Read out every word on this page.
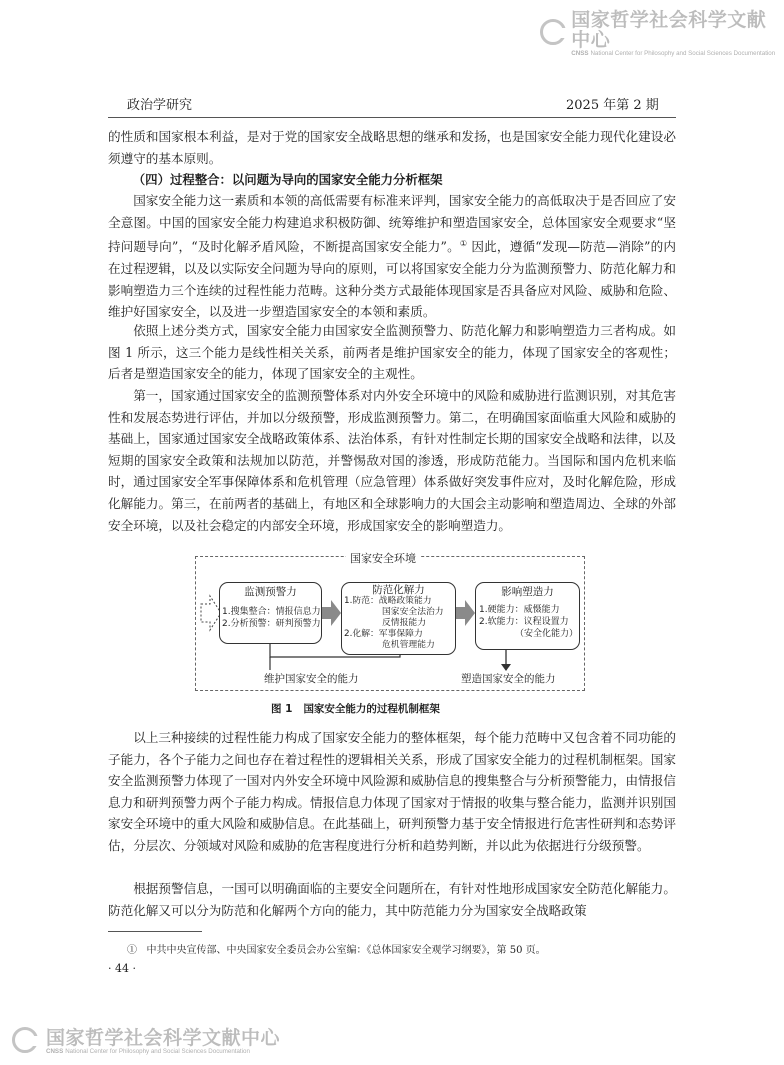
国家哲学社会科学文献中心
CNSS National Center for Philosophy and Social Sciences Documentation
政治学研究	2025 年第 2 期
的性质和国家根本利益，是对于党的国家安全战略思想的继承和发扬，也是国家安全能力现代化建设必须遵守的基本原则。
（四）过程整合：以问题为导向的国家安全能力分析框架
国家安全能力这一素质和本领的高低需要有标准来评判，国家安全能力的高低取决于是否回应了安全意图。中国的国家安全能力构建追求积极防御、统筹维护和塑造国家安全，总体国家安全观要求“坚持问题导向”，“及时化解矛盾风险，不断提高国家安全能力”。① 因此，遵循“发现—防范—消除”的内在过程逻辑，以及以实际安全问题为导向的原则，可以将国家安全能力分为监测预警力、防范化解力和影响塑造力三个连续的过程性能力范畴。这种分类方式最能体现国家是否具备应对风险、威胁和危险、维护好国家安全，以及进一步塑造国家安全的本领和素质。
依照上述分类方式，国家安全能力由国家安全监测预警力、防范化解力和影响塑造力三者构成。如图 1 所示，这三个能力是线性相关关系，前两者是维护国家安全的能力，体现了国家安全的客观性；后者是塑造国家安全的能力，体现了国家安全的主观性。
第一，国家通过国家安全的监测预警体系对内外安全环境中的风险和威胁进行监测识别，对其危害性和发展态势进行评估，并加以分级预警，形成监测预警力。第二，在明确国家面临重大风险和威胁的基础上，国家通过国家安全战略政策体系、法治体系，有针对性制定长期的国家安全战略和法律，以及短期的国家安全政策和法规加以防范，并警惕敌对国的渗透，形成防范能力。当国际和国内危机来临时，通过国家安全军事保障体系和危机管理（应急管理）体系做好突发事件应对，及时化解危险，形成化解能力。第三，在前两者的基础上，有地区和全球影响力的大国会主动影响和塑造周边、全球的外部安全环境，以及社会稳定的内部安全环境，形成国家安全的影响塑造力。
国家安全环境
监测预警力
1.搜集整合：情报信息力
2.分析预警：研判预警力
防范化解力
1.防范：战略政策能力
国家安全法治力
反情报能力
2.化解：军事保障力
危机管理能力
影响塑造力
1.硬能力：威慑能力
2.软能力：议程设置力
（安全化能力）
维护国家安全的能力	塑造国家安全的能力
图 1 国家安全能力的过程机制框架
以上三种接续的过程性能力构成了国家安全能力的整体框架，每个能力范畴中又包含着不同功能的子能力，各个子能力之间也存在着过程性的逻辑相关关系，形成了国家安全能力的过程机制框架。国家安全监测预警力体现了一国对内外安全环境中风险源和威胁信息的搜集整合与分析预警能力，由情报信息力和研判预警力两个子能力构成。情报信息力体现了国家对于情报的收集与整合能力，监测并识别国家安全环境中的重大风险和威胁信息。在此基础上，研判预警力基于安全情报进行危害性研判和态势评估，分层次、分领域对风险和威胁的危害程度进行分析和趋势判断，并以此为依据进行分级预警。
根据预警信息，一国可以明确面临的主要安全问题所在，有针对性地形成国家安全防范化解能力。防范化解又可以分为防范和化解两个方向的能力，其中防范能力分为国家安全战略政策
① 中共中央宣传部、中央国家安全委员会办公室编：《总体国家安全观学习纲要》，第 50 页。
· 44 ·
国家哲学社会科学文献中心
CNSS National Center for Philosophy and Social Sciences Documentation
